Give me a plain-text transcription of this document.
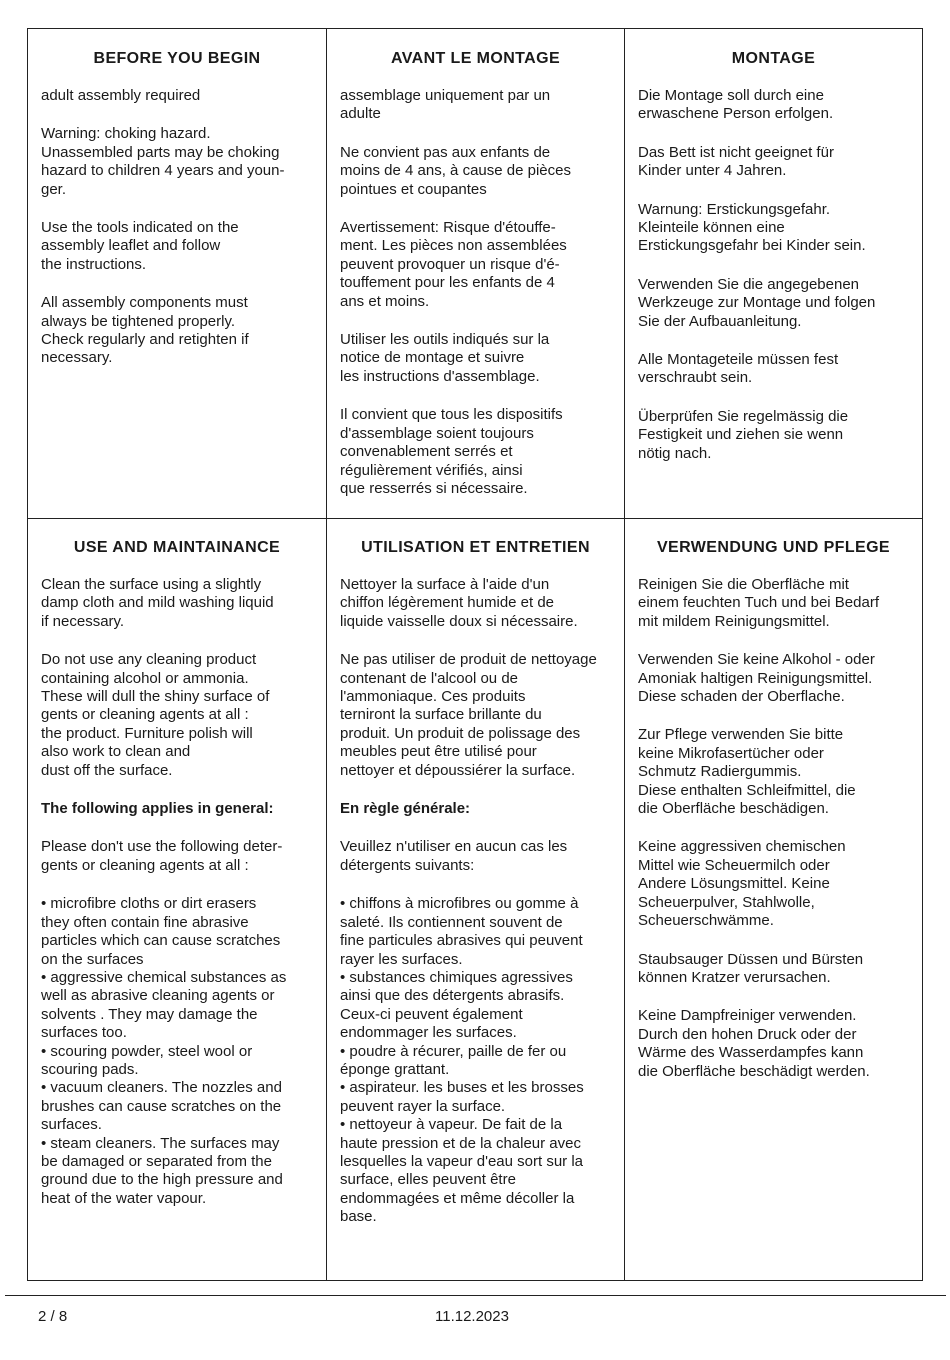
BEFORE YOU BEGIN

adult assembly required

Warning: choking hazard.
Unassembled parts may be choking
hazard to children 4 years and youn-
ger.

Use the tools indicated on the
assembly leaflet and follow
the instructions.

All assembly components must
always be tightened properly.
Check regularly and retighten if
necessary.

AVANT LE MONTAGE

assemblage uniquement par un
adulte

Ne convient pas aux enfants de
moins de 4 ans, à cause de pièces
pointues et coupantes

Avertissement: Risque d'étouffe-
ment. Les pièces non assemblées
peuvent provoquer un risque d'é-
touffement pour les enfants de 4
ans et moins.

Utiliser les outils indiqués sur la
notice de montage et suivre
les instructions d'assemblage.

Il convient que tous les dispositifs
d'assemblage soient toujours
convenablement serrés et
régulièrement vérifiés, ainsi
que resserrés si nécessaire.

MONTAGE

Die Montage soll durch eine
erwaschene Person erfolgen.

Das Bett ist nicht geeignet für
Kinder unter 4 Jahren.

Warnung: Erstickungsgefahr.
Kleinteile können eine
Erstickungsgefahr bei Kinder sein.

Verwenden Sie die angegebenen
Werkzeuge zur Montage und folgen
Sie der Aufbauanleitung.

Alle Montageteile müssen fest
verschraubt sein.

Überprüfen Sie regelmässig die
Festigkeit und ziehen sie wenn
nötig nach.

USE AND MAINTAINANCE

Clean the surface using a slightly
damp cloth and mild washing liquid
if necessary.

Do not use any cleaning product
containing alcohol or ammonia.
These will dull the shiny surface of
gents or cleaning agents at all :
the product. Furniture polish will
also work to clean and
dust off the surface.

The following applies in general:

Please don't use the following deter-
gents or cleaning agents at all :

• microfibre cloths or dirt erasers
they often contain fine abrasive
particles which can cause scratches
on the surfaces
• aggressive chemical substances as
well as abrasive cleaning agents or
solvents . They may damage the
surfaces too.
• scouring powder, steel wool or
scouring pads.
• vacuum cleaners. The nozzles and
brushes can cause scratches on the
surfaces.
• steam cleaners. The surfaces may
be damaged or separated from the
ground due to the high pressure and
heat of the water vapour.

UTILISATION ET ENTRETIEN

Nettoyer la surface à l'aide d'un
chiffon légèrement humide et de
liquide vaisselle doux si nécessaire.

Ne pas utiliser de produit de nettoyage
contenant de l'alcool ou de
l'ammoniaque. Ces produits
terniront la surface brillante du
produit. Un produit de polissage des
meubles peut être utilisé pour
nettoyer et dépoussiérer la surface.

En règle générale:

Veuillez n'utiliser en aucun cas les
détergents suivants:

• chiffons à microfibres ou gomme à
saleté. Ils contiennent souvent de
fine particules abrasives qui peuvent
rayer les surfaces.
• substances chimiques agressives
ainsi que des détergents abrasifs.
Ceux-ci peuvent également
endommager les surfaces.
• poudre à récurer, paille de fer ou
éponge grattant.
• aspirateur. les buses et les brosses
peuvent rayer la surface.
• nettoyeur à vapeur. De fait de la
haute pression et de la chaleur avec
lesquelles la vapeur d'eau sort sur la
surface, elles peuvent être
endommagées et même décoller la
base.

VERWENDUNG UND PFLEGE

Reinigen Sie die Oberfläche mit
einem feuchten Tuch und bei Bedarf
mit mildem Reinigungsmittel.

Verwenden Sie keine Alkohol - oder
Amoniak haltigen Reinigungsmittel.
Diese schaden der Oberflache.

Zur Pflege verwenden Sie bitte
keine Mikrofasertücher oder
Schmutz Radiergummis.
Diese enthalten Schleifmittel, die
die Oberfläche beschädigen.

Keine aggressiven chemischen
Mittel wie Scheuermilch oder
Andere Lösungsmittel. Keine
Scheuerpulver, Stahlwolle,
Scheuerschwämme.

Staubsauger Düssen und Bürsten
können Kratzer verursachen.

Keine Dampfreiniger verwenden.
Durch den hohen Druck oder der
Wärme des Wasserdampfes kann
die Oberfläche beschädigt werden.

2 / 8	11.12.2023
